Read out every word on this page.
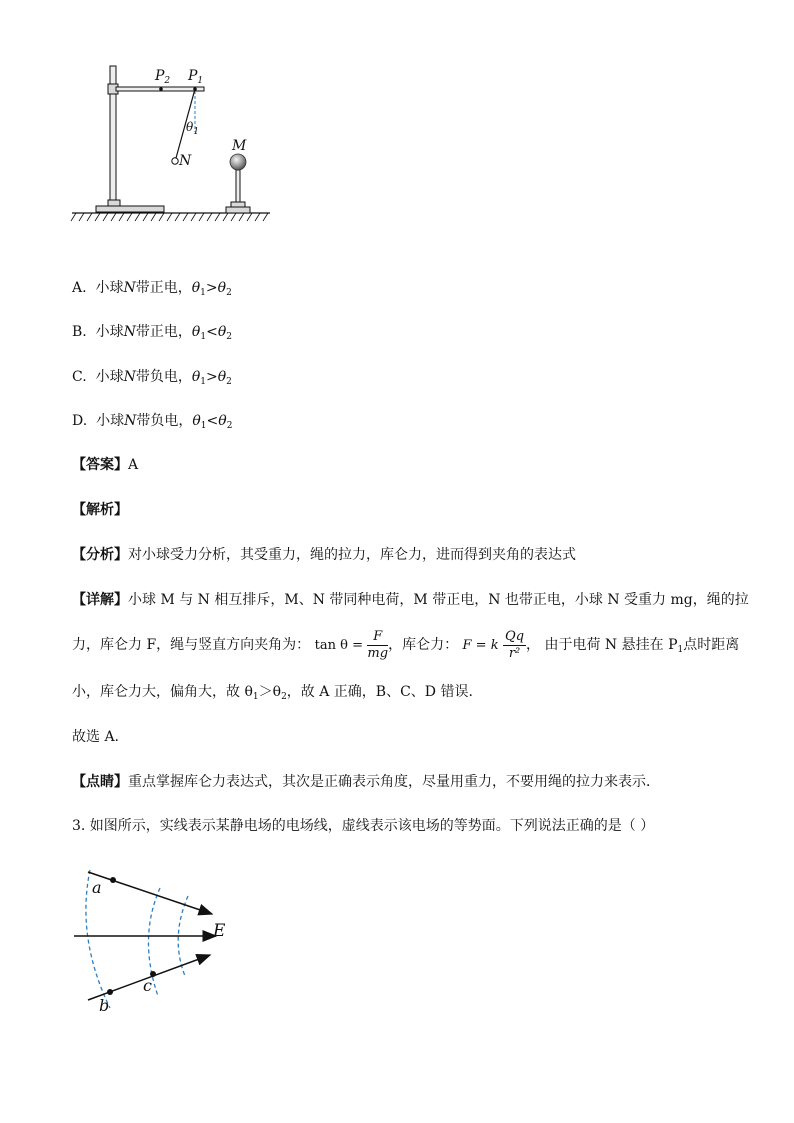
$P_2$ $P_1$
$\theta_1$
N
M
A. 小球N带正电，$\theta_1>\theta_2$
B. 小球N带正电，$\theta_1<\theta_2$
C. 小球N带负电，$\theta_1>\theta_2$
D. 小球N带负电，$\theta_1<\theta_2$
【答案】A
【解析】
【分析】对小球受力分析，其受重力，绳的拉力，库仑力，进而得到夹角的表达式
【详解】小球 M 与 N 相互排斥，M、N 带同种电荷，M 带正电，N 也带正电，小球 N 受重力 mg，绳的拉
力，库仑力 F，绳与竖直方向夹角为： $\tan \theta = \frac{F}{mg}$ ，库仑力： F = k $\frac{Qq}{\text{r²}}$ ， 由于电荷 N 悬挂在 $P_1$点时距离
小，库仑力大，偏角大，故 $\theta_1>\theta_2$，故 A 正确，B、C、D 错误.
故选 A.
【点睛】重点掌握库仑力表达式，其次是正确表示角度，尽量用重力，不要用绳的拉力来表示．
3. 如图所示，实线表示某静电场的电场线，虚线表示该电场的等势面。下列说法正确的是（ ）
a
b
c
E
